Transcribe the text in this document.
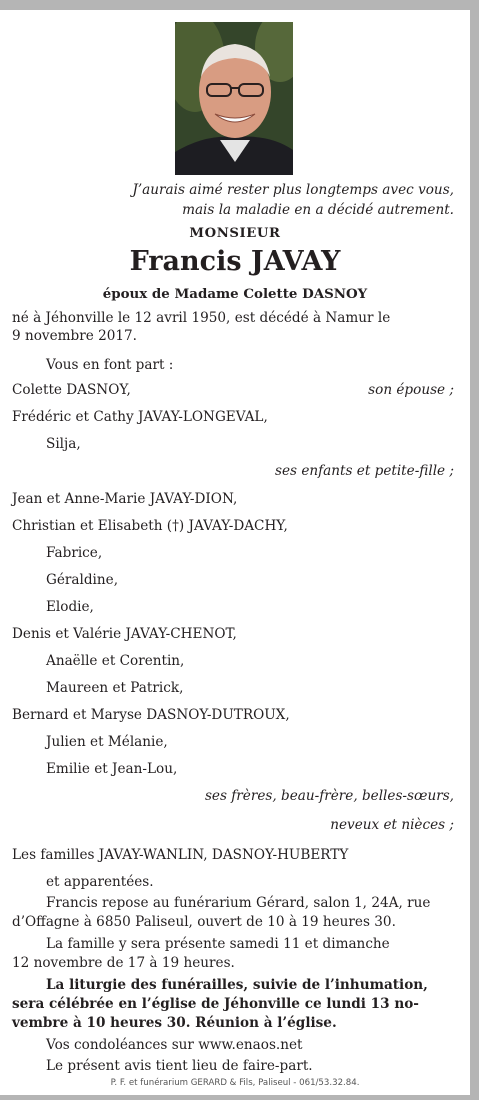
J’aurais aimé rester plus longtemps avec vous,
mais la maladie en a décidé autrement.
MONSIEUR
Francis JAVAY
époux de Madame Colette DASNOY
né à Jéhonville le 12 avril 1950, est décédé à Namur le
9 novembre 2017.
Vous en font part :
Colette DASNOY,	son épouse ;
Frédéric et Cathy JAVAY-LONGEVAL,
Silja,
ses enfants et petite-fille ;
Jean et Anne-Marie JAVAY-DION,
Christian et Elisabeth (†) JAVAY-DACHY,
Fabrice,
Géraldine,
Elodie,
Denis et Valérie JAVAY-CHENOT,
Anaëlle et Corentin,
Maureen et Patrick,
Bernard et Maryse DASNOY-DUTROUX,
Julien et Mélanie,
Emilie et Jean-Lou,
ses frères, beau-frère, belles-sœurs,
neveux et nièces ;
Les familles JAVAY-WANLIN, DASNOY-HUBERTY
et apparentées.
Francis repose au funérarium Gérard, salon 1, 24A, rue
d’Offagne à 6850 Paliseul, ouvert de 10 à 19 heures 30.
La famille y sera présente samedi 11 et dimanche
12 novembre de 17 à 19 heures.
La liturgie des funérailles, suivie de l’inhumation,
sera célébrée en l’église de Jéhonville ce lundi 13 no-
vembre à 10 heures 30. Réunion à l’église.
Vos condoléances sur www.enaos.net
Le présent avis tient lieu de faire-part.
P. F. et funérarium GERARD & Fils, Paliseul - 061/53.32.84.
